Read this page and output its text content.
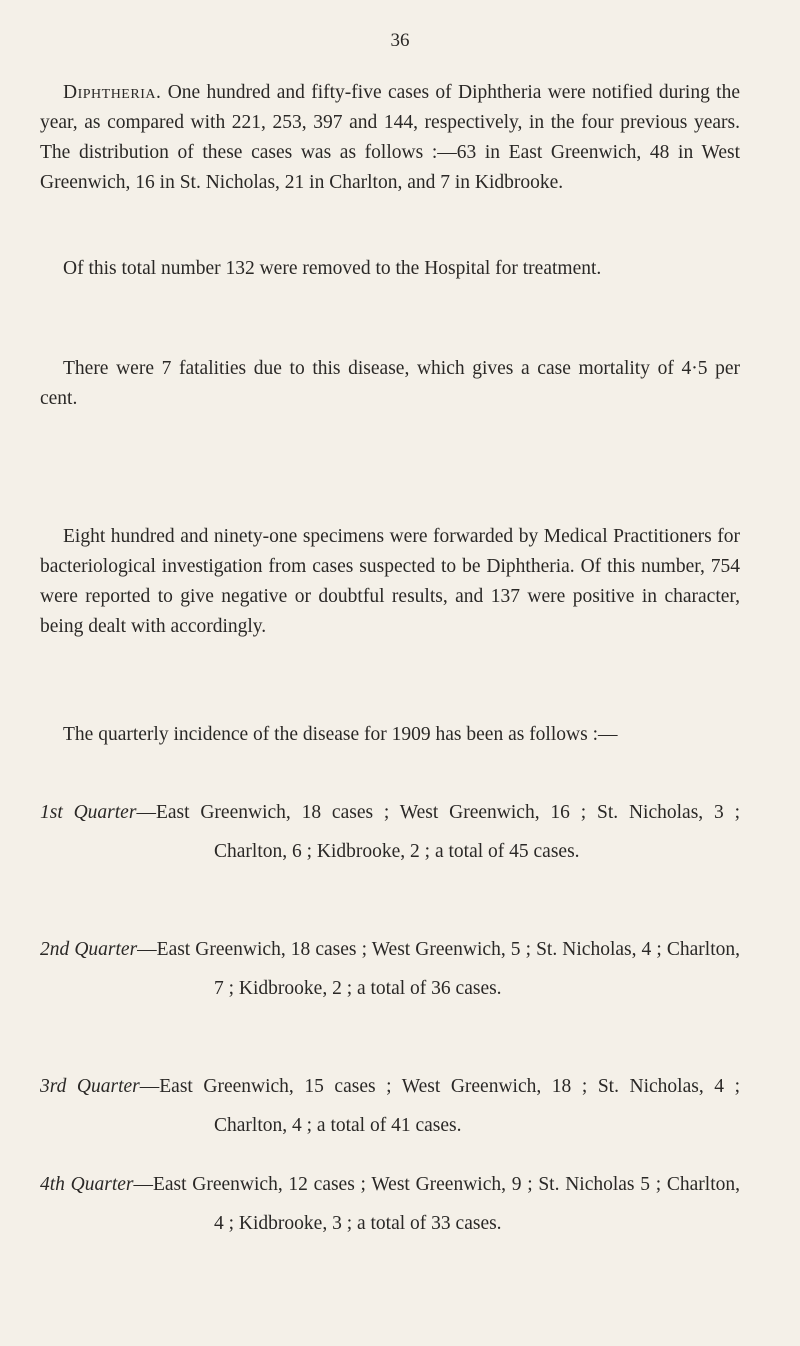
36

Diphtheria. One hundred and fifty-five cases of Diphtheria were notified during the year, as compared with 221, 253, 397 and 144, respectively, in the four previous years. The distribution of these cases was as follows :—63 in East Greenwich, 48 in West Greenwich, 16 in St. Nicholas, 21 in Charlton, and 7 in Kidbrooke.

Of this total number 132 were removed to the Hospital for treatment.

There were 7 fatalities due to this disease, which gives a case mortality of 4·5 per cent.

Eight hundred and ninety-one specimens were forwarded by Medical Practitioners for bacteriological investigation from cases suspected to be Diphtheria. Of this number, 754 were reported to give negative or doubtful results, and 137 were positive in character, being dealt with accordingly.

The quarterly incidence of the disease for 1909 has been as follows :—

1st Quarter—East Greenwich, 18 cases ; West Greenwich, 16 ; St. Nicholas, 3 ; Charlton, 6 ; Kidbrooke, 2 ; a total of 45 cases.

2nd Quarter—East Greenwich, 18 cases ; West Greenwich, 5 ; St. Nicholas, 4 ; Charlton, 7 ; Kidbrooke, 2 ; a total of 36 cases.

3rd Quarter—East Greenwich, 15 cases ; West Greenwich, 18 ; St. Nicholas, 4 ; Charlton, 4 ; a total of 41 cases.

4th Quarter—East Greenwich, 12 cases ; West Greenwich, 9 ; St. Nicholas 5 ; Charlton, 4 ; Kidbrooke, 3 ; a total of 33 cases.
